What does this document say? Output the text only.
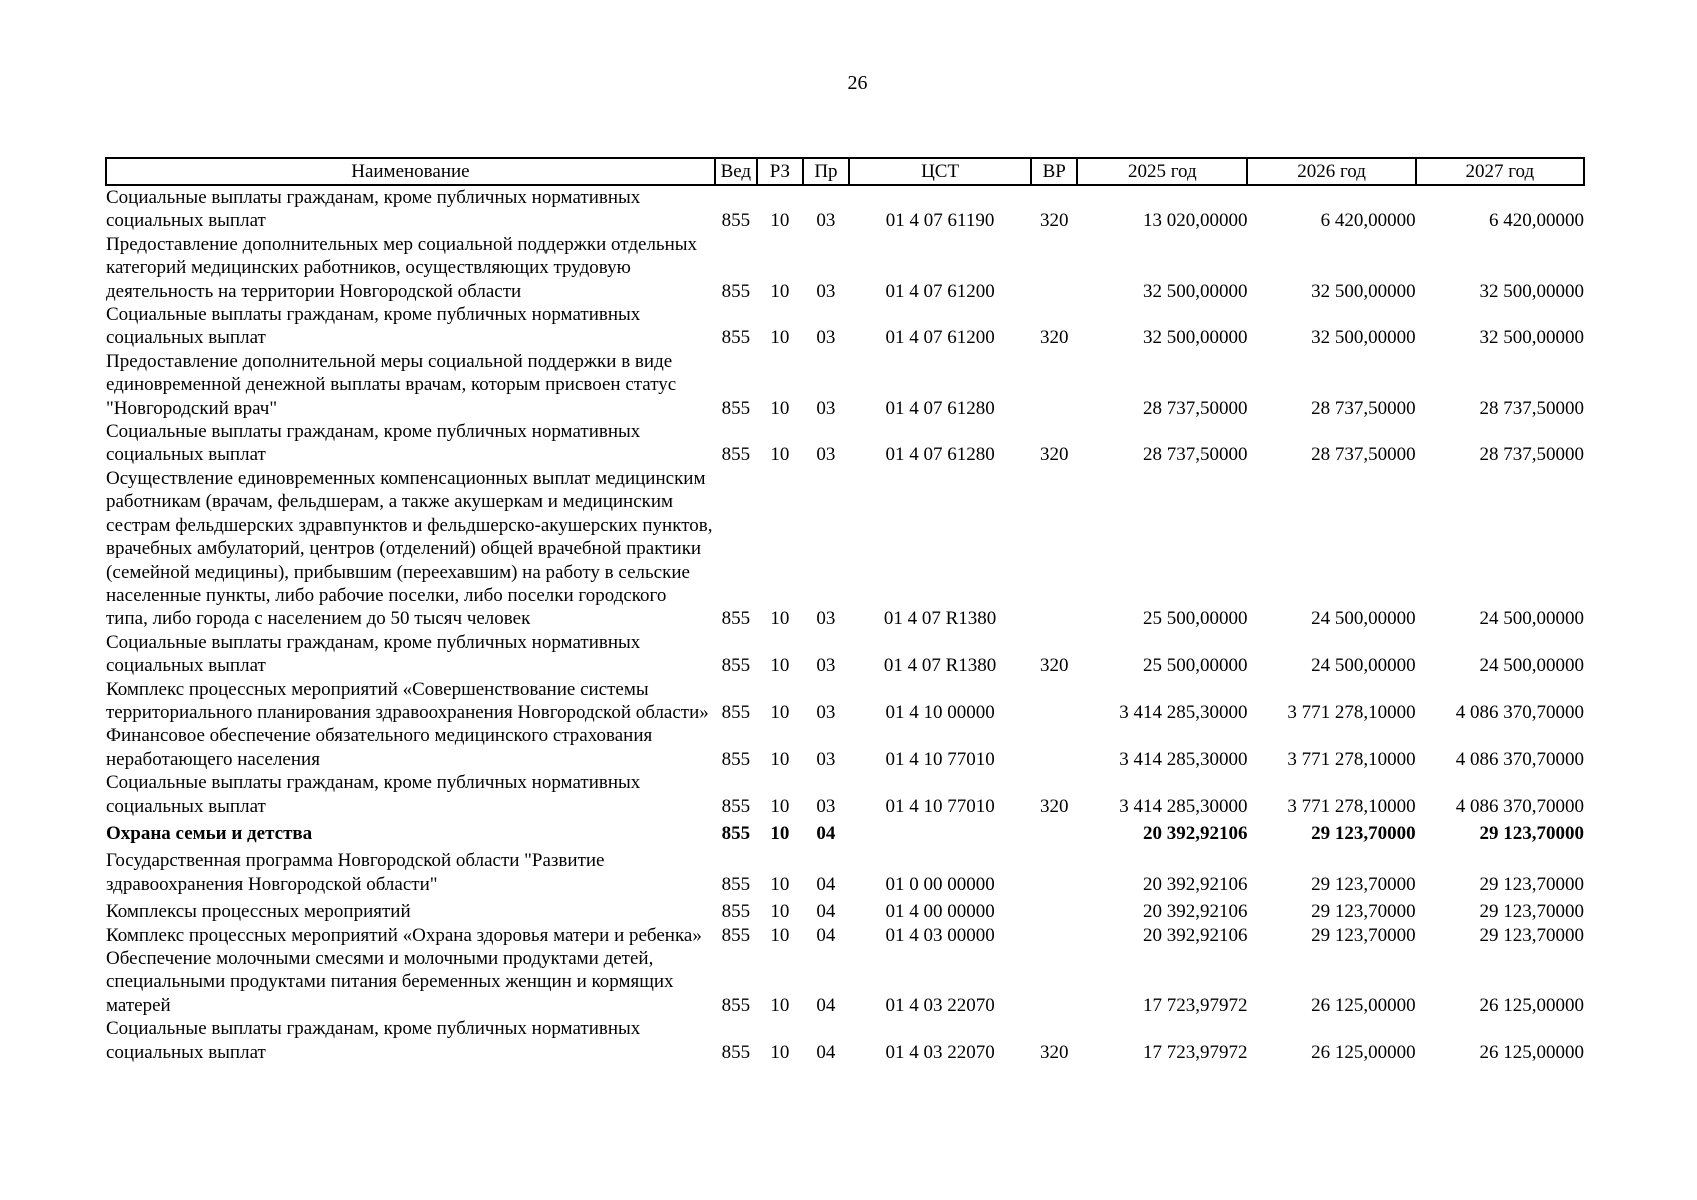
26
Наименование	Вед	РЗ	Пр	ЦСТ	ВР	2025 год	2026 год	2027 год
Социальные выплаты гражданам, кроме публичных нормативных социальных выплат	855	10	03	01 4 07 61190	320	13 020,00000	6 420,00000	6 420,00000
Предоставление дополнительных мер социальной поддержки отдельных категорий медицинских работников, осуществляющих трудовую деятельность на территории Новгородской области	855	10	03	01 4 07 61200		32 500,00000	32 500,00000	32 500,00000
Социальные выплаты гражданам, кроме публичных нормативных социальных выплат	855	10	03	01 4 07 61200	320	32 500,00000	32 500,00000	32 500,00000
Предоставление дополнительной меры социальной поддержки в виде единовременной денежной выплаты врачам, которым присвоен статус "Новгородский врач"	855	10	03	01 4 07 61280		28 737,50000	28 737,50000	28 737,50000
Социальные выплаты гражданам, кроме публичных нормативных социальных выплат	855	10	03	01 4 07 61280	320	28 737,50000	28 737,50000	28 737,50000
Осуществление единовременных компенсационных выплат медицинским работникам (врачам, фельдшерам, а также акушеркам и медицинским сестрам фельдшерских здравпунктов и фельдшерско-акушерских пунктов, врачебных амбулаторий, центров (отделений) общей врачебной практики (семейной медицины), прибывшим (переехавшим) на работу в сельские населенные пункты, либо рабочие поселки, либо поселки городского типа, либо города с населением до 50 тысяч человек	855	10	03	01 4 07 R1380		25 500,00000	24 500,00000	24 500,00000
Социальные выплаты гражданам, кроме публичных нормативных социальных выплат	855	10	03	01 4 07 R1380	320	25 500,00000	24 500,00000	24 500,00000
Комплекс процессных мероприятий «Совершенствование системы территориального планирования здравоохранения Новгородской области»	855	10	03	01 4 10 00000		3 414 285,30000	3 771 278,10000	4 086 370,70000
Финансовое обеспечение обязательного медицинского страхования неработающего населения	855	10	03	01 4 10 77010		3 414 285,30000	3 771 278,10000	4 086 370,70000
Социальные выплаты гражданам, кроме публичных нормативных социальных выплат	855	10	03	01 4 10 77010	320	3 414 285,30000	3 771 278,10000	4 086 370,70000
Охрана семьи и детства	855	10	04			20 392,92106	29 123,70000	29 123,70000
Государственная программа Новгородской области "Развитие здравоохранения Новгородской области"	855	10	04	01 0 00 00000		20 392,92106	29 123,70000	29 123,70000
Комплексы процессных мероприятий	855	10	04	01 4 00 00000		20 392,92106	29 123,70000	29 123,70000
Комплекс процессных мероприятий «Охрана здоровья матери и ребенка»	855	10	04	01 4 03 00000		20 392,92106	29 123,70000	29 123,70000
Обеспечение молочными смесями и молочными продуктами детей, специальными продуктами питания беременных женщин и кормящих матерей	855	10	04	01 4 03 22070		17 723,97972	26 125,00000	26 125,00000
Социальные выплаты гражданам, кроме публичных нормативных социальных выплат	855	10	04	01 4 03 22070	320	17 723,97972	26 125,00000	26 125,00000
